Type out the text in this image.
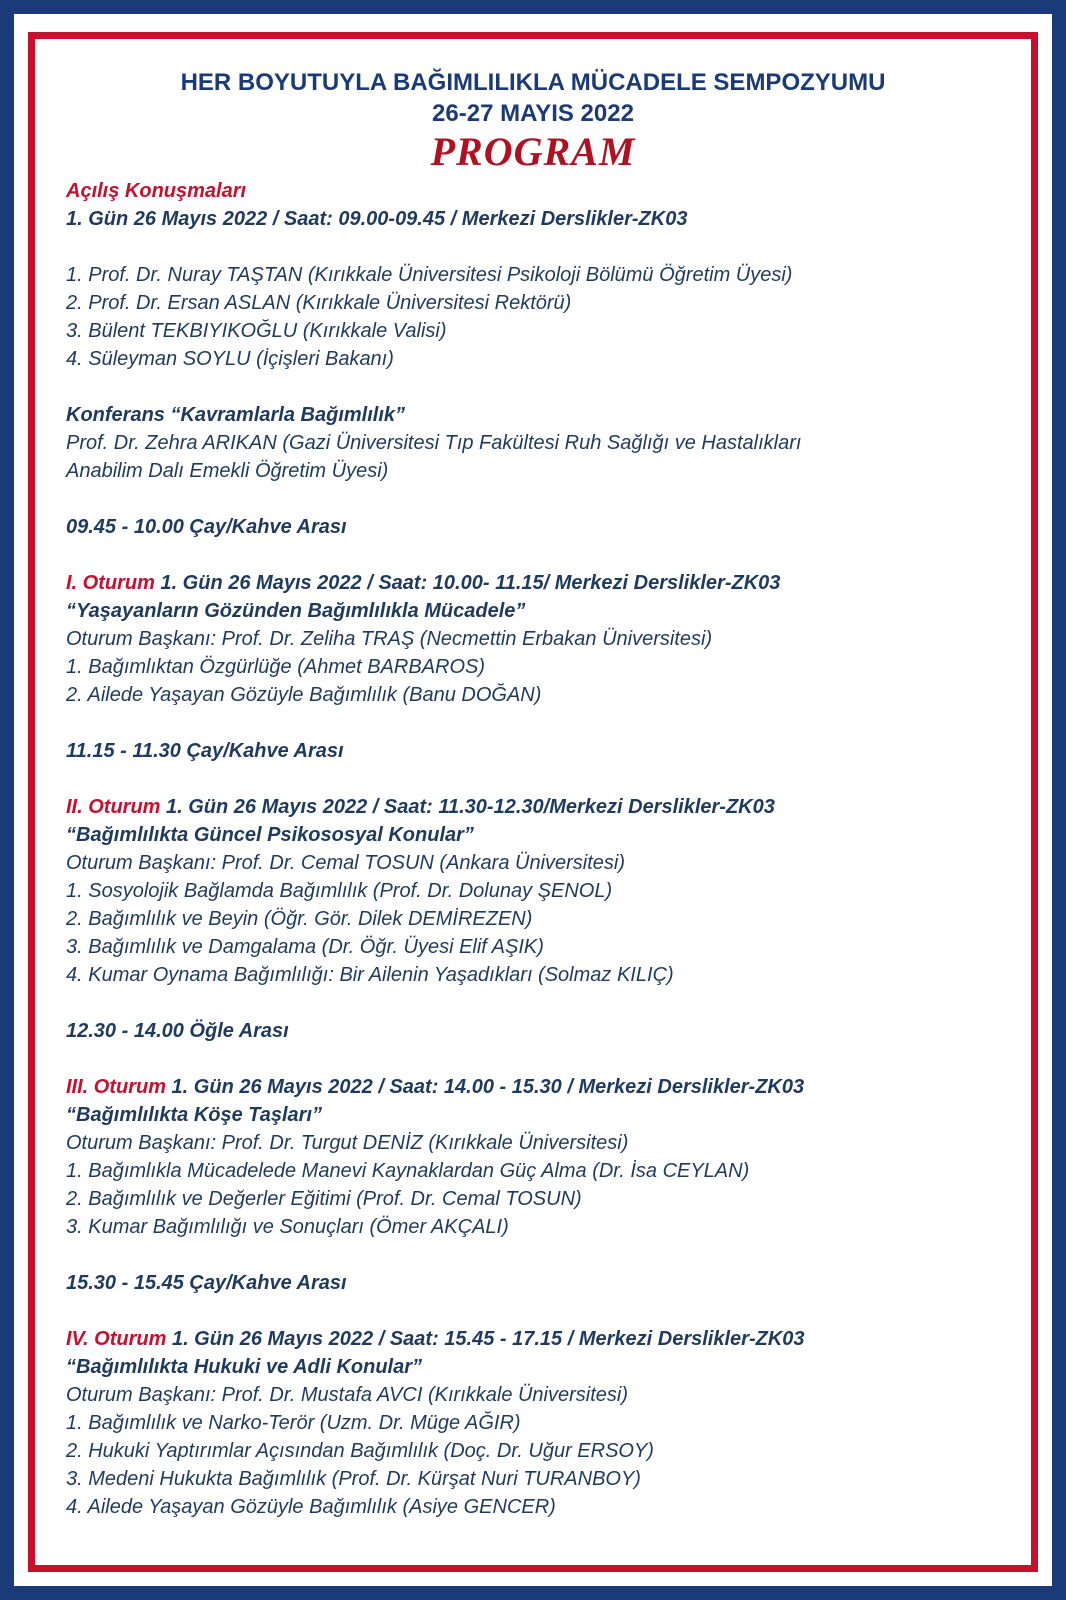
HER BOYUTUYLA BAĞIMLILIKLA MÜCADELE SEMPOZYUMU
26-27 MAYIS 2022
PROGRAM
Açılış Konuşmaları
1. Gün 26 Mayıs 2022 / Saat: 09.00-09.45 / Merkezi Derslikler-ZK03
1. Prof. Dr. Nuray TAŞTAN (Kırıkkale Üniversitesi Psikoloji Bölümü Öğretim Üyesi)
2. Prof. Dr. Ersan ASLAN (Kırıkkale Üniversitesi Rektörü)
3. Bülent TEKBIYIKOĞLU (Kırıkkale Valisi)
4. Süleyman SOYLU (İçişleri Bakanı)
Konferans “Kavramlarla Bağımlılık”
Prof. Dr. Zehra ARIKAN (Gazi Üniversitesi Tıp Fakültesi Ruh Sağlığı ve Hastalıkları
Anabilim Dalı Emekli Öğretim Üyesi)
09.45 - 10.00 Çay/Kahve Arası
I. Oturum 1. Gün 26 Mayıs 2022 / Saat: 10.00- 11.15/ Merkezi Derslikler-ZK03
“Yaşayanların Gözünden Bağımlılıkla Mücadele”
Oturum Başkanı: Prof. Dr. Zeliha TRAŞ (Necmettin Erbakan Üniversitesi)
1. Bağımlıktan Özgürlüğe (Ahmet BARBAROS)
2. Ailede Yaşayan Gözüyle Bağımlılık (Banu DOĞAN)
11.15 - 11.30 Çay/Kahve Arası
II. Oturum 1. Gün 26 Mayıs 2022 / Saat: 11.30-12.30/Merkezi Derslikler-ZK03
“Bağımlılıkta Güncel Psikososyal Konular”
Oturum Başkanı: Prof. Dr. Cemal TOSUN (Ankara Üniversitesi)
1. Sosyolojik Bağlamda Bağımlılık (Prof. Dr. Dolunay ŞENOL)
2. Bağımlılık ve Beyin (Öğr. Gör. Dilek DEMİREZEN)
3. Bağımlılık ve Damgalama (Dr. Öğr. Üyesi Elif AŞIK)
4. Kumar Oynama Bağımlılığı: Bir Ailenin Yaşadıkları (Solmaz KILIÇ)
12.30 - 14.00 Öğle Arası
III. Oturum 1. Gün 26 Mayıs 2022 / Saat: 14.00 - 15.30 / Merkezi Derslikler-ZK03
“Bağımlılıkta Köşe Taşları”
Oturum Başkanı: Prof. Dr. Turgut DENİZ (Kırıkkale Üniversitesi)
1. Bağımlıkla Mücadelede Manevi Kaynaklardan Güç Alma (Dr. İsa CEYLAN)
2. Bağımlılık ve Değerler Eğitimi (Prof. Dr. Cemal TOSUN)
3. Kumar Bağımlılığı ve Sonuçları (Ömer AKÇALI)
15.30 - 15.45 Çay/Kahve Arası
IV. Oturum 1. Gün 26 Mayıs 2022 / Saat: 15.45 - 17.15 / Merkezi Derslikler-ZK03
“Bağımlılıkta Hukuki ve Adli Konular”
Oturum Başkanı: Prof. Dr. Mustafa AVCI (Kırıkkale Üniversitesi)
1. Bağımlılık ve Narko-Terör (Uzm. Dr. Müge AĞIR)
2. Hukuki Yaptırımlar Açısından Bağımlılık (Doç. Dr. Uğur ERSOY)
3. Medeni Hukukta Bağımlılık (Prof. Dr. Kürşat Nuri TURANBOY)
4. Ailede Yaşayan Gözüyle Bağımlılık (Asiye GENCER)
